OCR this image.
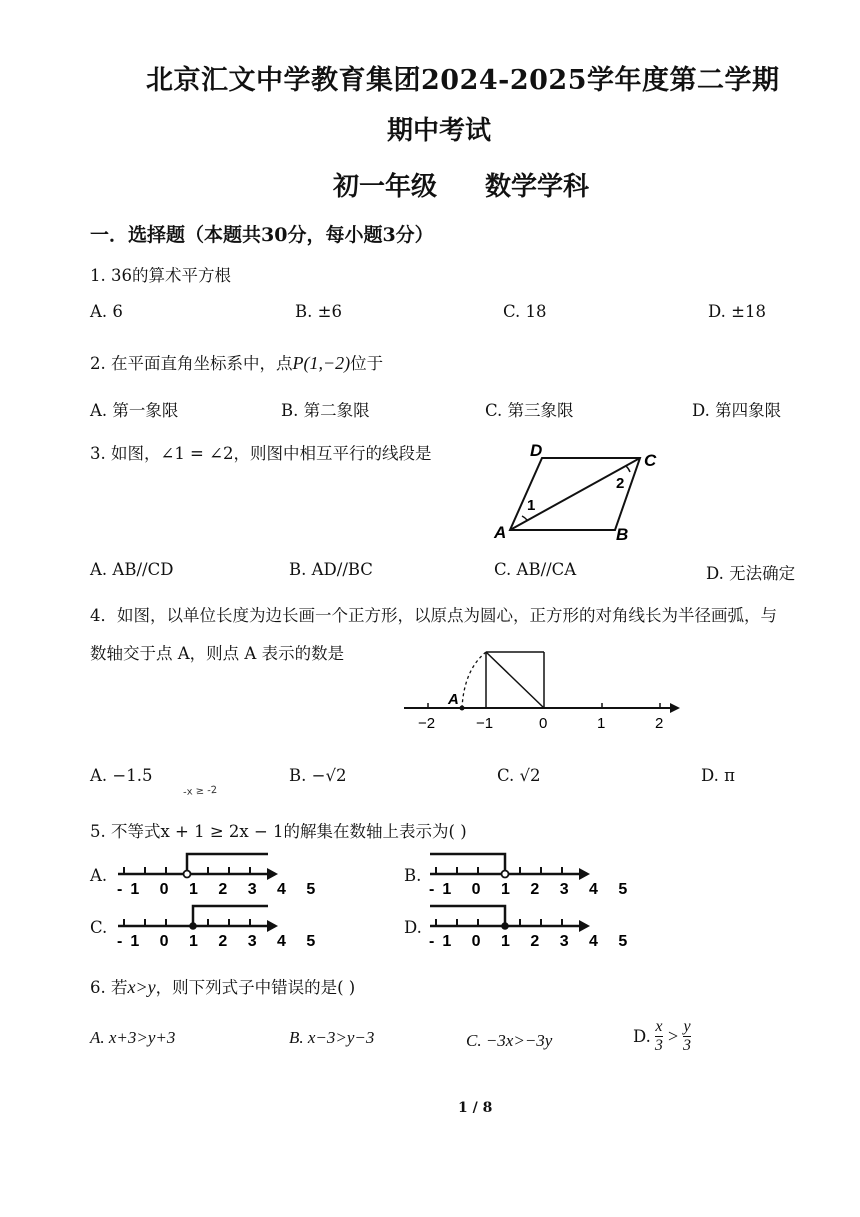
北京汇文中学教育集团2024-2025学年度第二学期
期中考试
初一年级 数学学科
一．选择题（本题共30分，每小题3分）
1. 36的算术平方根
A. 6	B. ±6	C. 18	D. ±18
2. 在平面直角坐标系中，点P(1,−2)位于
A. 第一象限	B. 第二象限	C. 第三象限	D. 第四象限
3. 如图，∠1 = ∠2，则图中相互平行的线段是	D
C
A	B
1
2
A. AB//CD	B. AD//BC	C. AB//CA	D. 无法确定
4．如图，以单位长度为边长画一个正方形，以原点为圆心，正方形的对角线长为半径画弧，与
数轴交于点 A，则点 A 表示的数是
A
−2	−1	0	1	2
A. −1.5
-x ≥ -2
B. −√2	C. √2	D. π
5. 不等式x + 1 ≥ 2x − 1的解集在数轴上表示为( )
A.
-1 0 1 2 3 4 5
B.
-1 0 1 2 3 4 5
C.
-1 0 1 2 3 4 5
D.
-1 0 1 2 3 4 5
6. 若x>y，则下列式子中错误的是( )
A. x+3>y+3	B. x−3>y−3	C. −3x>−3y	D. $\frac{x}{3} > \frac{y}{3}$
1 / 8
